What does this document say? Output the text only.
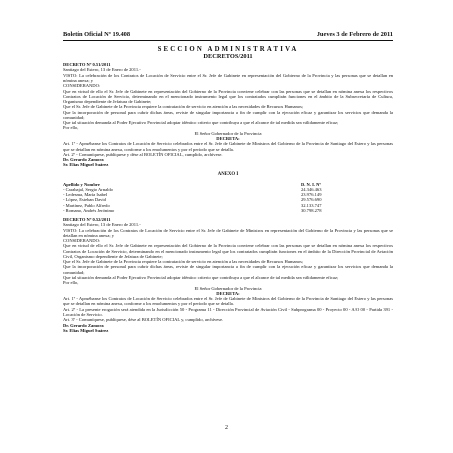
Boletín Oficial Nº 19.408	Jueves 3 de Febrero de 2011
SECCION ADMINISTRATIVA
DECRETOS/2011

DECRETO Nº 0.51/2011

Santiago del Estero, 13 de Enero de 2011.-

VISTO: La celebración de los Contratos de Locación de Servicio entre el Sr. Jefe de Gabinete en representación del Gobierno de la Provincia y las personas que se detallan en nómina anexa; y

CONSIDERANDO:

Que en virtud de ello el Sr. Jefe de Gabinete en representación del Gobierno de la Provincia conviene celebrar con las personas que se detallan en nómina anexa los respectivos Contratos de Locación de Servicio, determinando en el mencionado instrumento legal que los contratados cumplirán funciones en el ámbito de la Subsecretaría de Cultura, Organismo dependiente de Jefatura de Gabinete;

Que el Sr. Jefe de Gabinete de la Provincia requiere la contratación de servicio en atención a las necesidades de Recursos Humanos;

Que la incorporación de personal para cubrir dichas áreas, reviste de singular importancia a fin de cumplir con la ejecución eficaz y garantizar los servicios que demanda la comunidad;

Que tal situación demanda al Poder Ejecutivo Provincial adoptar idéntico criterio que contribuya a que el alcance de tal medida sea válidamente eficaz;

Por ello,

El Señor Gobernador de la Provincia

DECRETA:

Art. 1º - Apruébanse los Contratos de Locación de Servicio celebrados entre el Sr. Jefe de Gabinete de Ministros del Gobierno de la Provincia de Santiago del Estero y las personas que se detallan en nómina anexa, conforme a los emolumentos y por el período que se detalla.

Art. 2º - Comuníquese, publíquese y dése al BOLETÍN OFICIAL, cumplido, archívese.

Dr. Gerardo Zamora

Sr. Elías Miguel Suárez

ANEXO I
Apellido y Nombre	D. N. I. Nº
- Carabajal, Sergio Arnaldo	24.346.463
- Ledesma, María Isabel	23.976.149
- López, Esteban David	29.576.690
- Martínez, Pablo Alfredo	32.133.747
- Romano, Andrés Jerónimo	30.798.278

DECRETO Nº 0.52/2011

Santiago del Estero, 13 de Enero de 2011.-

VISTO: La celebración de los Contratos de Locación de Servicio entre el Sr. Jefe de Gabinete de Ministros en representación del Gobierno de la Provincia y las personas que se detallan en nómina anexa; y

CONSIDERANDO:

Que en virtud de ello el Sr. Jefe de Gabinete en representación del Gobierno de la Provincia conviene celebrar con las personas que se detallan en nómina anexa los respectivos Contratos de Locación de Servicio, determinando en el mencionado instrumento legal que los contratados cumplirán funciones en el ámbito de la Dirección Provincial de Aviación Civil, Organismo dependiente de Jefatura de Gabinete;

Que el Sr. Jefe de Gabinete de la Provincia requiere la contratación de servicio en atención a las necesidades de Recursos Humanos;

Que la incorporación de personal para cubrir dichas áreas, reviste de singular importancia a fin de cumplir con la ejecución eficaz y garantizar los servicios que demanda la comunidad;

Que tal situación demanda al Poder Ejecutivo Provincial adoptar idéntico criterio que contribuya a que el alcance de tal medida sea válidamente eficaz;

Por ello,

El Señor Gobernador de la Provincia

DECRETA:

Art. 1º - Apruébanse los Contratos de Locación de Servicio celebrados entre el Sr. Jefe de Gabinete de Ministros del Gobierno de la Provincia de Santiago del Estero y las personas que se detallan en nómina anexa, conforme a los emolumentos y por el período que se detalla.

Art. 2º - La presente erogación será atendida en la Jurisdicción 50 - Programa 11 - Dirección Provincial de Aviación Civil - Subprograma 00 - Proyecto 00 - A/O 00 - Partida 391 - Locación de Servicio.

Art. 3º - Comuníquese, publíquese, dése al BOLETÍN OFICIAL y, cumplido, archívese.

Dr. Gerardo Zamora

Sr. Elías Miguel Suárez

2
